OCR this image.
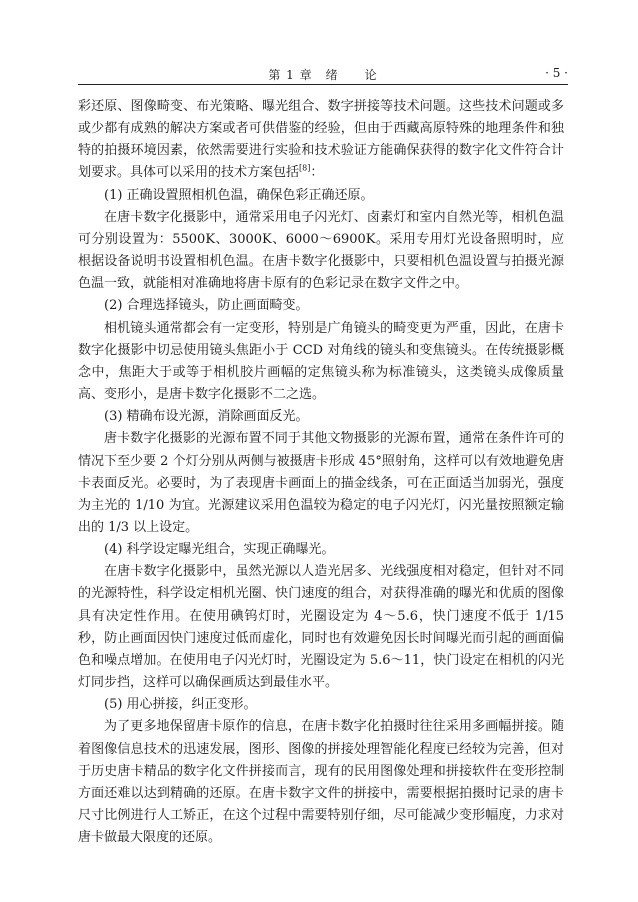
第 1 章　绪　　论	· 5 ·

彩还原、图像畸变、布光策略、曝光组合、数字拼接等技术问题。这些技术问题或多或少都有成熟的解决方案或者可供借鉴的经验，但由于西藏高原特殊的地理条件和独特的拍摄环境因素，依然需要进行实验和技术验证方能确保获得的数字化文件符合计划要求。具体可以采用的技术方案包括[8]：

(1) 正确设置照相机色温，确保色彩正确还原。

在唐卡数字化摄影中，通常采用电子闪光灯、卤素灯和室内自然光等，相机色温可分别设置为：5500K、3000K、6000～6900K。采用专用灯光设备照明时，应根据设备说明书设置相机色温。在唐卡数字化摄影中，只要相机色温设置与拍摄光源色温一致，就能相对准确地将唐卡原有的色彩记录在数字文件之中。

(2) 合理选择镜头，防止画面畸变。

相机镜头通常都会有一定变形，特别是广角镜头的畸变更为严重，因此，在唐卡数字化摄影中切忌使用镜头焦距小于 CCD 对角线的镜头和变焦镜头。在传统摄影概念中，焦距大于或等于相机胶片画幅的定焦镜头称为标准镜头，这类镜头成像质量高、变形小，是唐卡数字化摄影不二之选。

(3) 精确布设光源，消除画面反光。

唐卡数字化摄影的光源布置不同于其他文物摄影的光源布置，通常在条件许可的情况下至少要 2 个灯分别从两侧与被摄唐卡形成 45°照射角，这样可以有效地避免唐卡表面反光。必要时，为了表现唐卡画面上的描金线条，可在正面适当加弱光，强度为主光的 1/10 为宜。光源建议采用色温较为稳定的电子闪光灯，闪光量按照额定输出的 1/3 以上设定。

(4) 科学设定曝光组合，实现正确曝光。

在唐卡数字化摄影中，虽然光源以人造光居多、光线强度相对稳定，但针对不同的光源特性，科学设定相机光圈、快门速度的组合，对获得准确的曝光和优质的图像具有决定性作用。在使用碘钨灯时，光圈设定为 4～5.6，快门速度不低于 1/15 秒，防止画面因快门速度过低而虚化，同时也有效避免因长时间曝光而引起的画面偏色和噪点增加。在使用电子闪光灯时，光圈设定为 5.6～11，快门设定在相机的闪光灯同步挡，这样可以确保画质达到最佳水平。

(5) 用心拼接，纠正变形。

为了更多地保留唐卡原作的信息，在唐卡数字化拍摄时往往采用多画幅拼接。随着图像信息技术的迅速发展，图形、图像的拼接处理智能化程度已经较为完善，但对于历史唐卡精品的数字化文件拼接而言，现有的民用图像处理和拼接软件在变形控制方面还难以达到精确的还原。在唐卡数字文件的拼接中，需要根据拍摄时记录的唐卡尺寸比例进行人工矫正，在这个过程中需要特别仔细，尽可能减少变形幅度，力求对唐卡做最大限度的还原。
